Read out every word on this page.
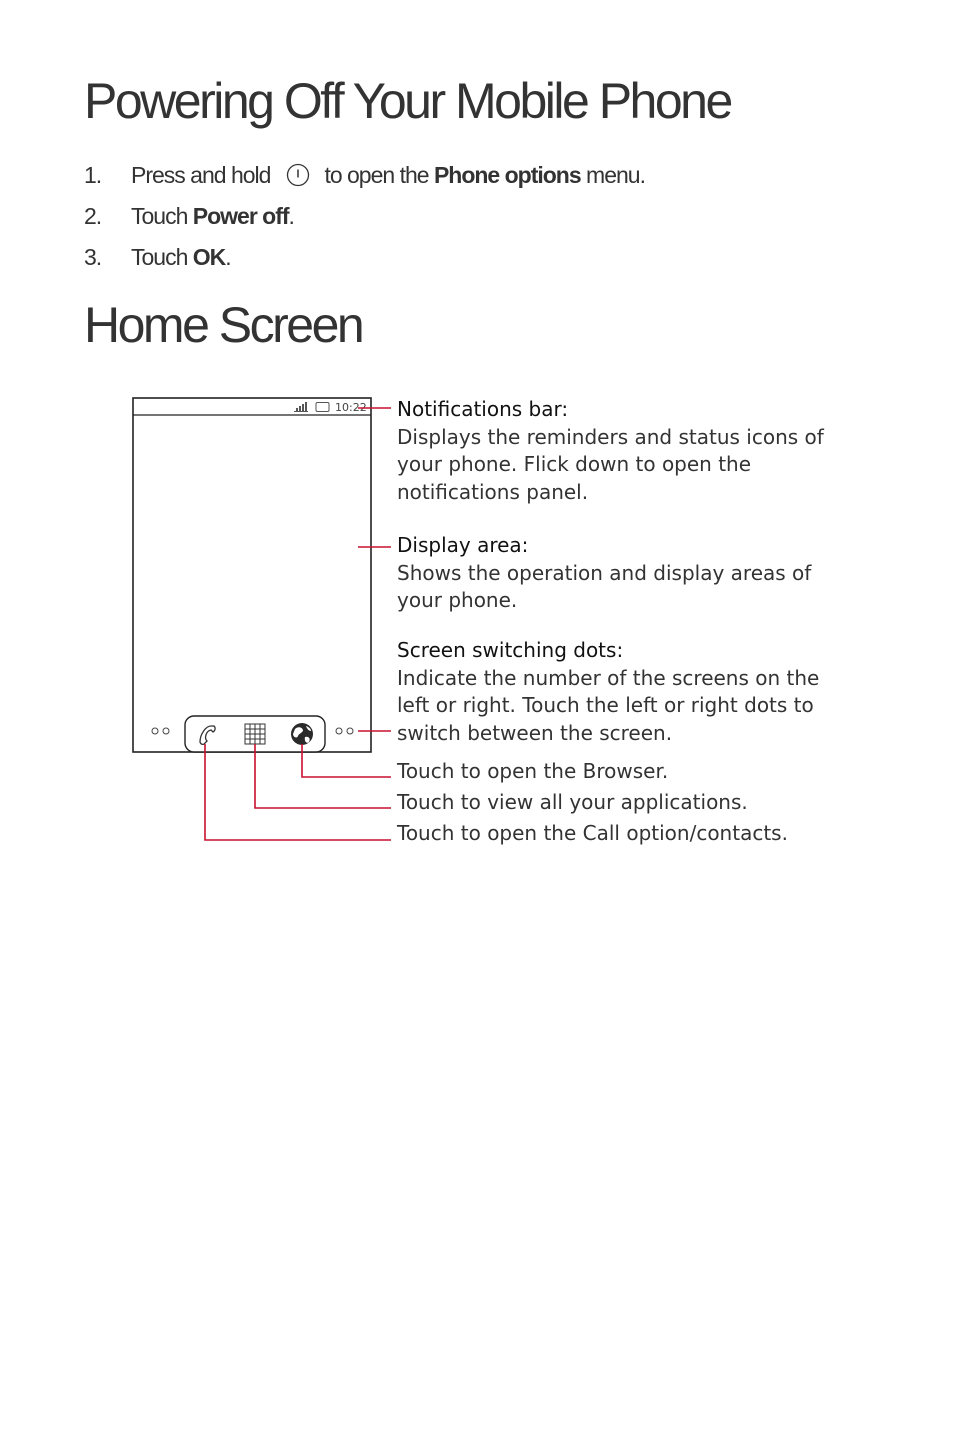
Powering Off Your Mobile Phone
1. Press and hold to open the Phone options menu.
2. Touch Power off.
3. Touch OK.
Home Screen
10:22 Notifications bar:
Displays the reminders and status icons of
your phone. Flick down to open the
notifications panel.
Display area:
Shows the operation and display areas of
your phone.
Screen switching dots:
Indicate the number of the screens on the
left or right. Touch the left or right dots to
switch between the screen.
Touch to open the Browser.
Touch to view all your applications.
Touch to open the Call option/contacts.
